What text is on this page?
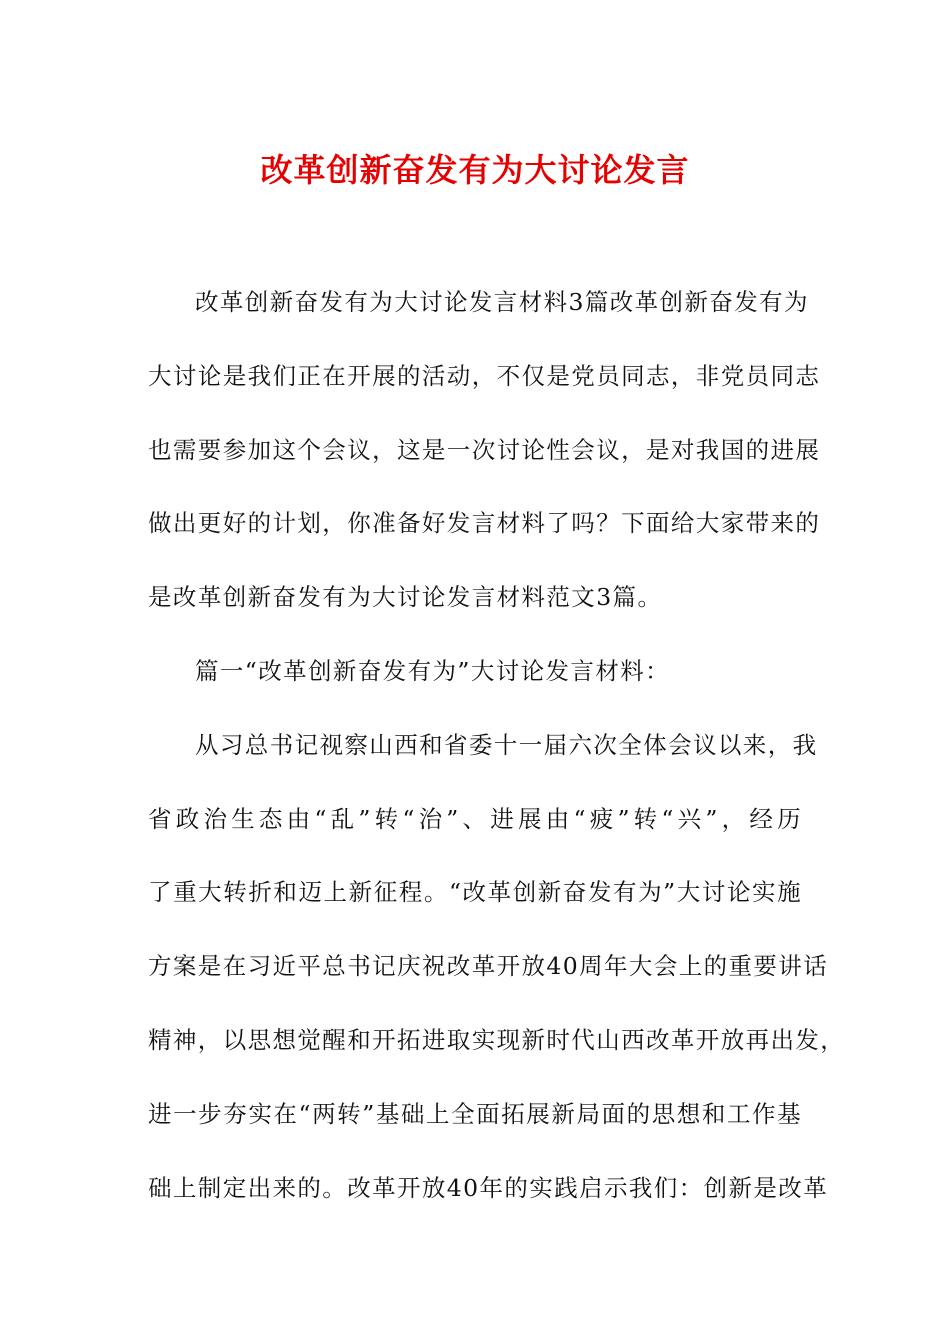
改革创新奋发有为大讨论发言
改革创新奋发有为大讨论发言材料3篇改革创新奋发有为
大讨论是我们正在开展的活动，不仅是党员同志，非党员同志
也需要参加这个会议，这是一次讨论性会议，是对我国的进展
做出更好的计划，你准备好发言材料了吗？下面给大家带来的
是改革创新奋发有为大讨论发言材料范文3篇。
篇一“改革创新奋发有为”大讨论发言材料：
从习总书记视察山西和省委十一届六次全体会议以来，我
省政治生态由“乱”转“治”、进展由“疲”转“兴”，经历
了重大转折和迈上新征程。“改革创新奋发有为”大讨论实施
方案是在习近平总书记庆祝改革开放40周年大会上的重要讲话
精神，以思想觉醒和开拓进取实现新时代山西改革开放再出发，
进一步夯实在“两转”基础上全面拓展新局面的思想和工作基
础上制定出来的。改革开放40年的实践启示我们：创新是改革
